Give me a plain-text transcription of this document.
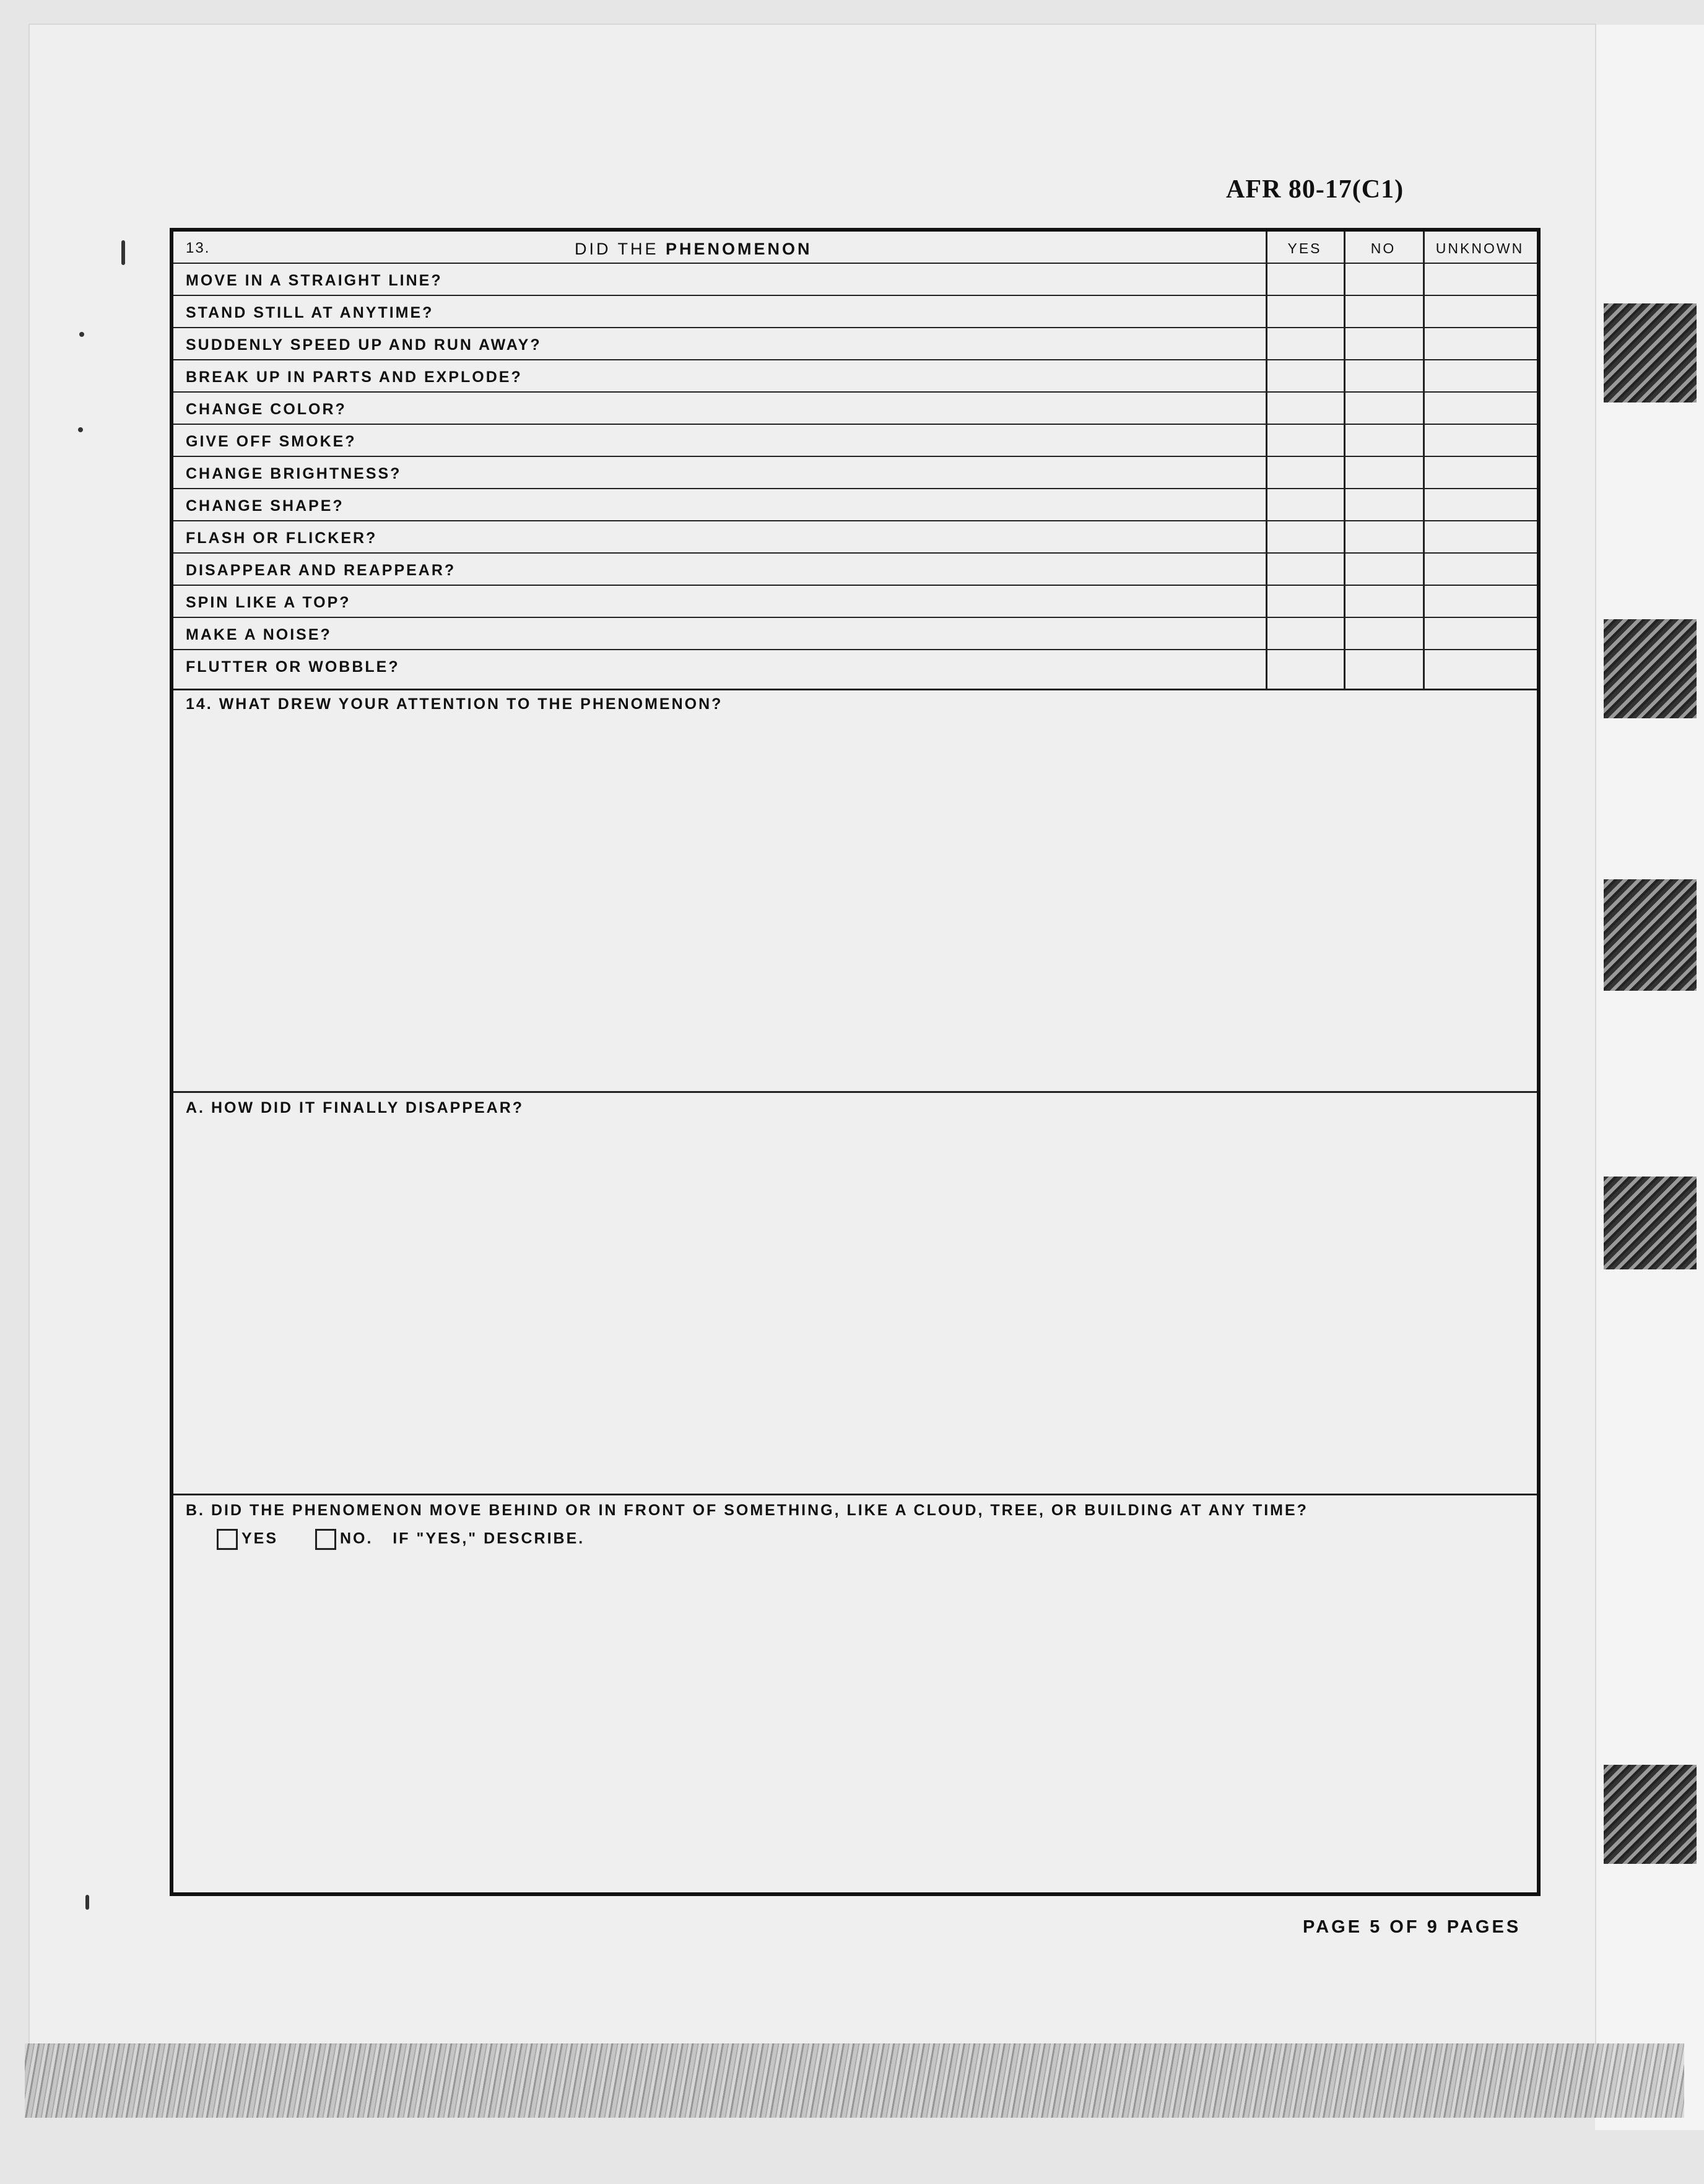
AFR 80-17(C1)
13.	DID THE PHENOMENON	YES	NO	UNKNOWN
MOVE IN A STRAIGHT LINE?
STAND STILL AT ANYTIME?
SUDDENLY SPEED UP AND RUN AWAY?
BREAK UP IN PARTS AND EXPLODE?
CHANGE COLOR?
GIVE OFF SMOKE?
CHANGE BRIGHTNESS?
CHANGE SHAPE?
FLASH OR FLICKER?
DISAPPEAR AND REAPPEAR?
SPIN LIKE A TOP?
MAKE A NOISE?
FLUTTER OR WOBBLE?
14. WHAT DREW YOUR ATTENTION TO THE PHENOMENON?
A. HOW DID IT FINALLY DISAPPEAR?
B. DID THE PHENOMENON MOVE BEHIND OR IN FRONT OF SOMETHING, LIKE A CLOUD, TREE, OR BUILDING AT ANY TIME?
YES	NO. IF "YES," DESCRIBE.
PAGE 5 OF 9 PAGES
